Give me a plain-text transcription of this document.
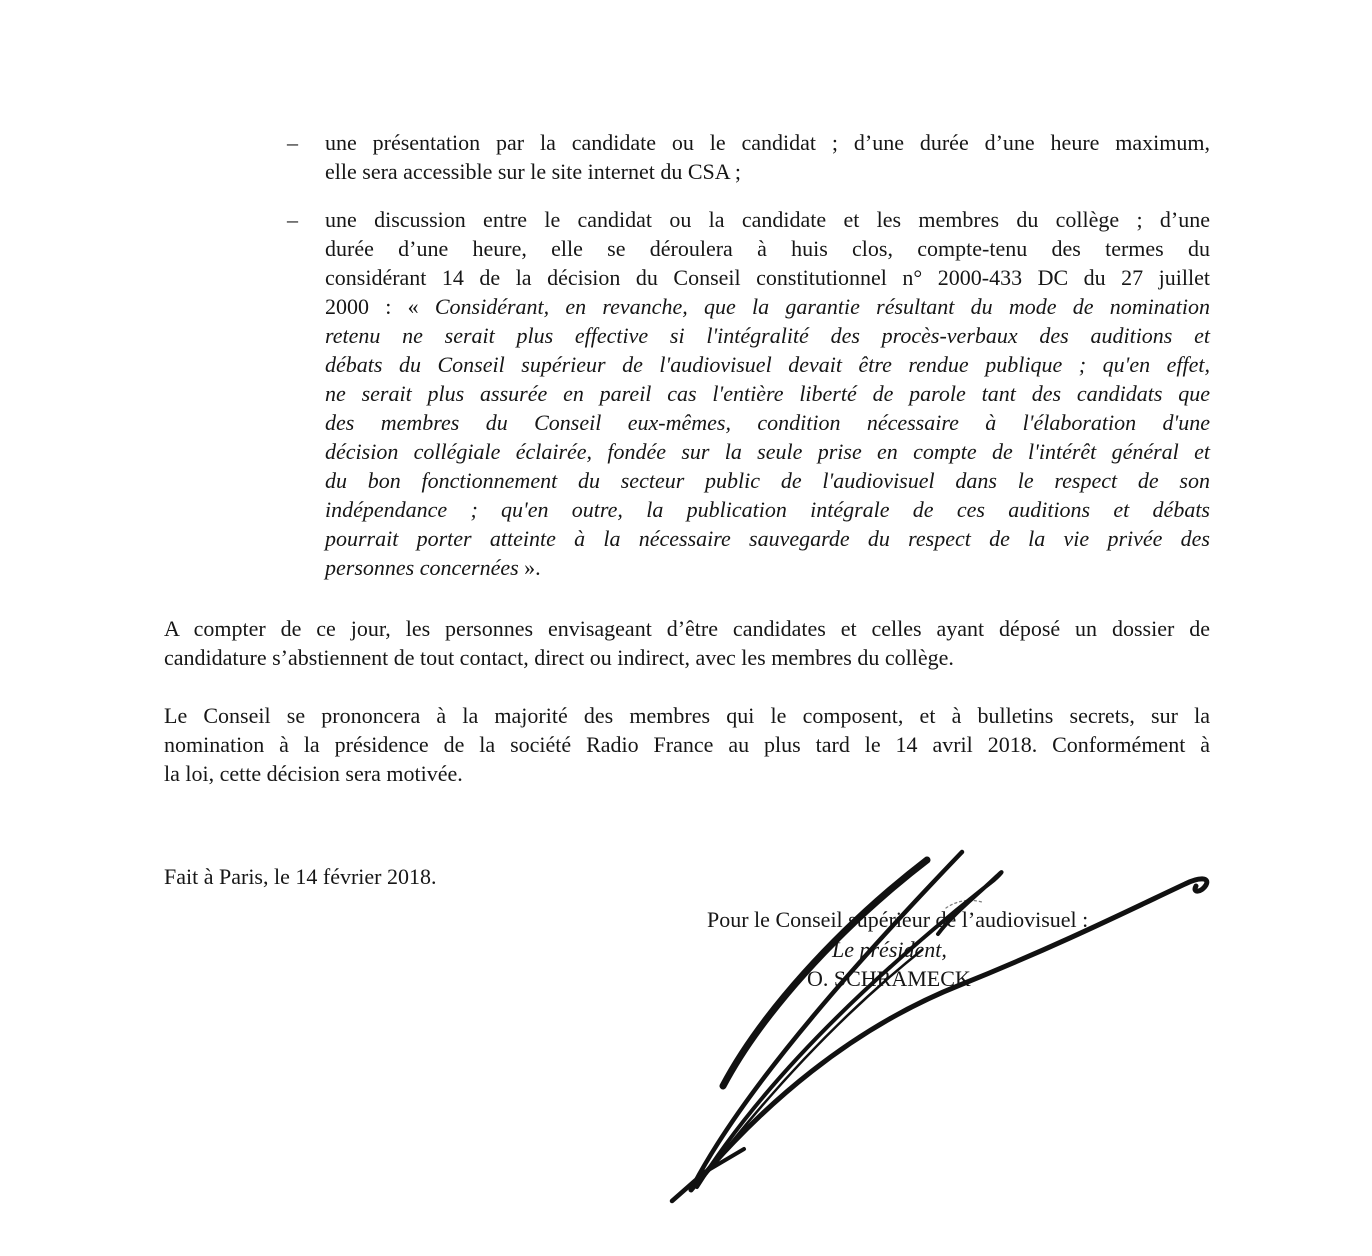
– une présentation par la candidate ou le candidat ; d’une durée d’une heure maximum,
elle sera accessible sur le site internet du CSA ;
– une discussion entre le candidat ou la candidate et les membres du collège ; d’une
durée d’une heure, elle se déroulera à huis clos, compte-tenu des termes du
considérant 14 de la décision du Conseil constitutionnel n° 2000-433 DC du 27 juillet
2000 : « Considérant, en revanche, que la garantie résultant du mode de nomination
retenu ne serait plus effective si l'intégralité des procès-verbaux des auditions et
débats du Conseil supérieur de l'audiovisuel devait être rendue publique ; qu'en effet,
ne serait plus assurée en pareil cas l'entière liberté de parole tant des candidats que
des membres du Conseil eux-mêmes, condition nécessaire à l'élaboration d'une
décision collégiale éclairée, fondée sur la seule prise en compte de l'intérêt général et
du bon fonctionnement du secteur public de l'audiovisuel dans le respect de son
indépendance ; qu'en outre, la publication intégrale de ces auditions et débats
pourrait porter atteinte à la nécessaire sauvegarde du respect de la vie privée des
personnes concernées ».
A compter de ce jour, les personnes envisageant d’être candidates et celles ayant déposé un dossier de
candidature s’abstiennent de tout contact, direct ou indirect, avec les membres du collège.
Le Conseil se prononcera à la majorité des membres qui le composent, et à bulletins secrets, sur la
nomination à la présidence de la société Radio France au plus tard le 14 avril 2018. Conformément à
la loi, cette décision sera motivée.
Fait à Paris, le 14 février 2018.
Pour le Conseil supérieur de l’audiovisuel :
Le président,
O. SCHRAMECK
